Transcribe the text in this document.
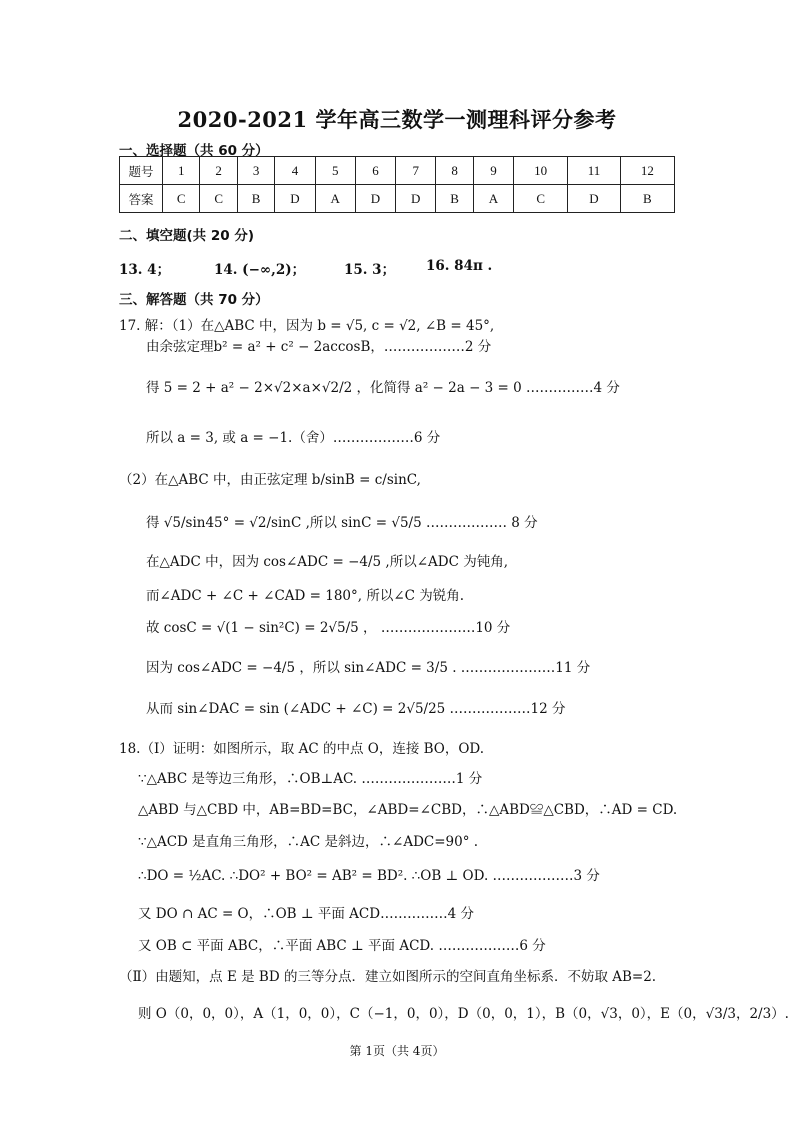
2020-2021 学年高三数学一测理科评分参考
一、选择题（共 60 分）
题号	1	2	3	4	5	6	7	8	9	10	11	12
答案	C	C	B	D	A	D	D	B	A	C	D	B
二、填空题(共 20 分)
13. 4；	14. (−∞,2)；	15. 3； 16. 84π .
三、解答题（共 70 分）
17. 解：（1）在△ABC 中，因为 b = √5, c = √2, ∠B = 45°,
由余弦定理b² = a² + c² − 2accosB，………………2 分
得 5 = 2 + a² − 2×√2×a×√2/2 ，化简得 a² − 2a − 3 = 0 ……………4 分
所以 a = 3, 或 a = −1.（舍）………………6 分
（2）在△ABC 中，由正弦定理 b/sinB = c/sinC,
得 √5/sin45° = √2/sinC ,所以 sinC = √5/5 ……………… 8 分
在△ADC 中，因为 cos∠ADC = −4/5 ,所以∠ADC 为钝角,
而∠ADC + ∠C + ∠CAD = 180°, 所以∠C 为锐角.
故 cosC = √(1 − sin²C) = 2√5/5 ， …………………10 分
因为 cos∠ADC = −4/5 ，所以 sin∠ADC = 3/5 . …………………11 分
从而 sin∠DAC = sin (∠ADC + ∠C) = 2√5/25 ………………12 分
18.（Ⅰ）证明：如图所示，取 AC 的中点 O，连接 BO，OD.
∵△ABC 是等边三角形，∴OB⊥AC. …………………1 分
△ABD 与△CBD 中，AB=BD=BC，∠ABD=∠CBD，∴△ABD≌△CBD，∴AD = CD.
∵△ACD 是直角三角形，∴AC 是斜边，∴∠ADC=90° .
∴DO = ½AC. ∴DO² + BO² = AB² = BD². ∴OB ⊥ OD. ………………3 分
又 DO ∩ AC = O，∴OB ⊥ 平面 ACD……………4 分
又 OB ⊂ 平面 ABC，∴平面 ABC ⊥ 平面 ACD. ………………6 分
（Ⅱ）由题知，点 E 是 BD 的三等分点．建立如图所示的空间直角坐标系．不妨取 AB=2.
则 O（0，0，0），A（1，0，0），C（−1，0，0），D（0，0，1），B（0，√3，0），E（0，√3/3，2/3）.
第 1页（共 4页）
